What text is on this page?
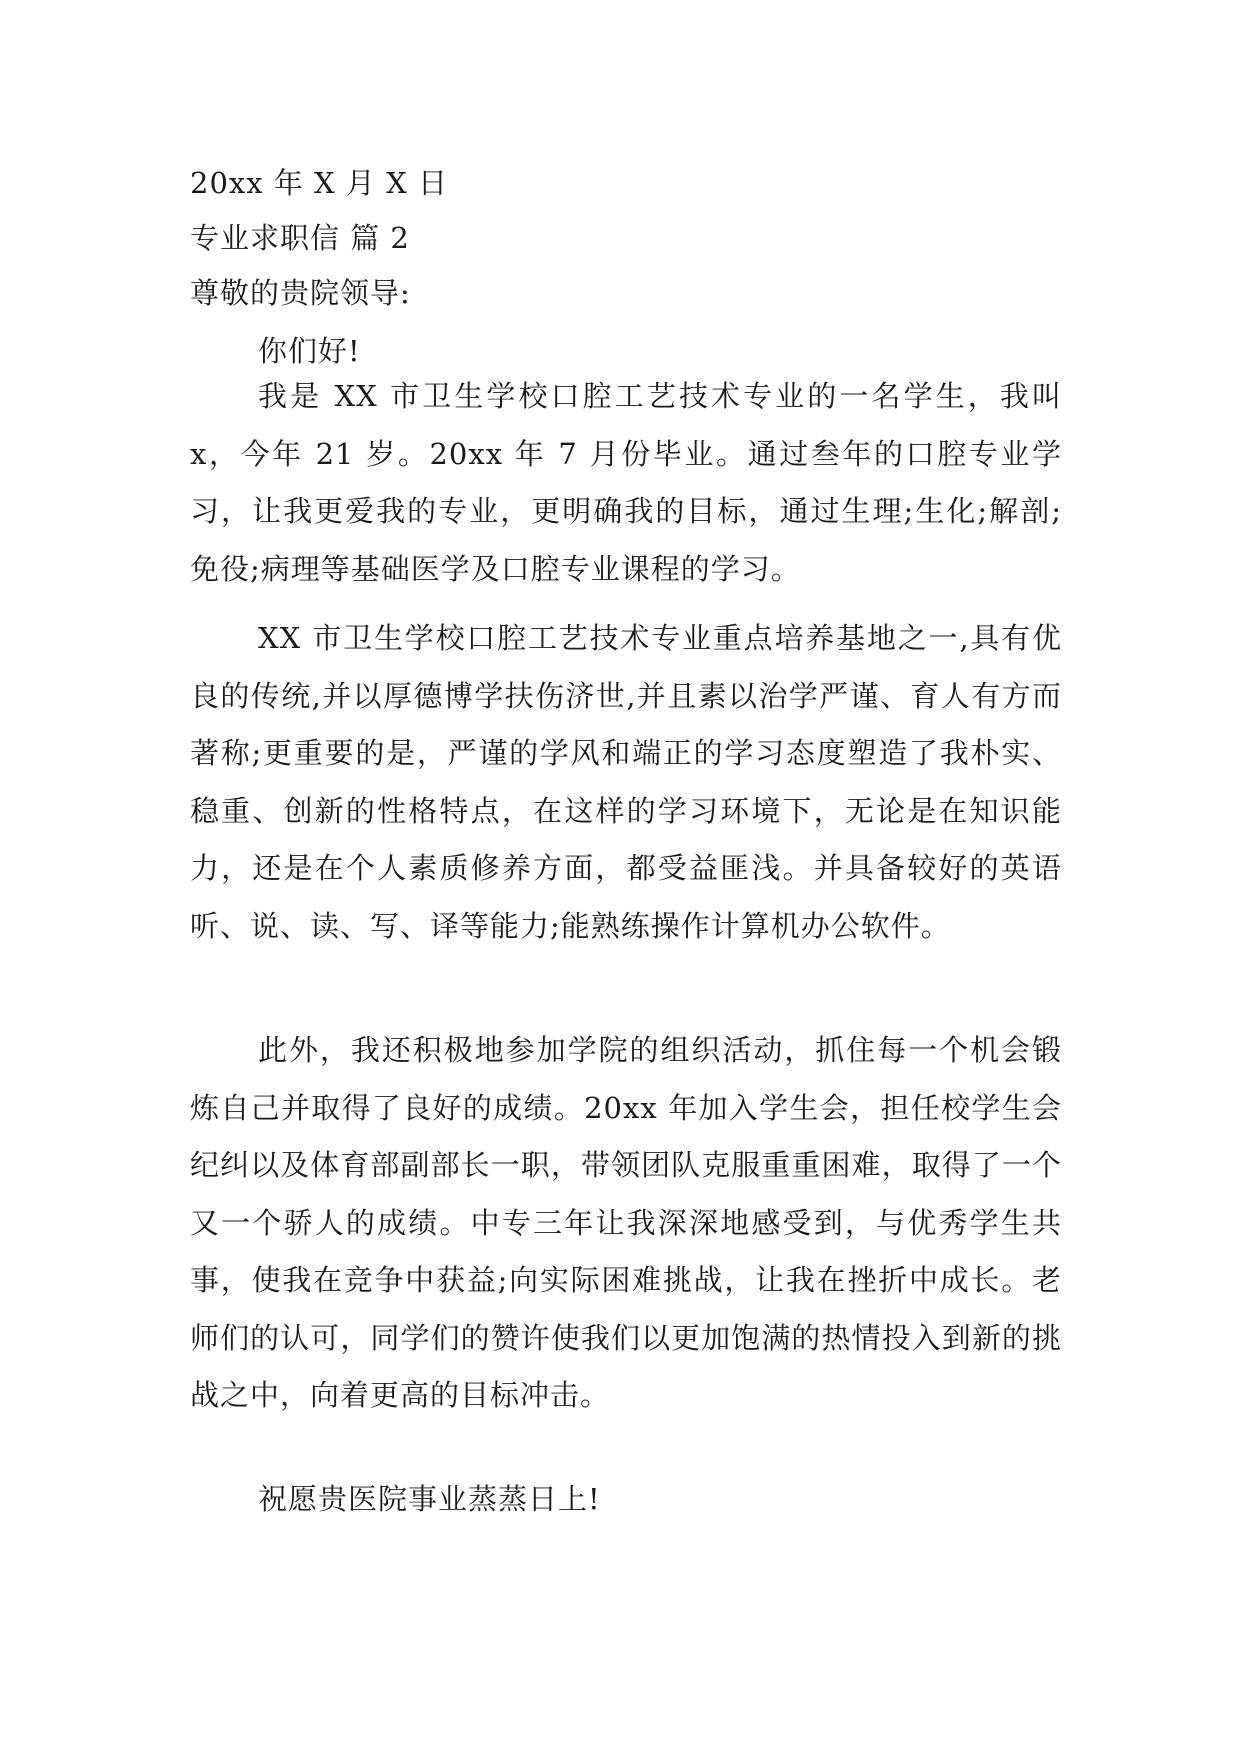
20xx 年 X 月 X 日
专业求职信 篇 2
尊敬的贵院领导:
你们好!

我是 XX 市卫生学校口腔工艺技术专业的一名学生，我叫 x，今年 21 岁。20xx 年 7 月份毕业。通过叁年的口腔专业学习，让我更爱我的专业，更明确我的目标，通过生理;生化;解剖;免役;病理等基础医学及口腔专业课程的学习。

XX 市卫生学校口腔工艺技术专业重点培养基地之一,具有优良的传统,并以厚德博学扶伤济世,并且素以治学严谨、育人有方而著称;更重要的是，严谨的学风和端正的学习态度塑造了我朴实、稳重、创新的性格特点，在这样的学习环境下，无论是在知识能力，还是在个人素质修养方面，都受益匪浅。并具备较好的英语听、说、读、写、译等能力;能熟练操作计算机办公软件。

此外，我还积极地参加学院的组织活动，抓住每一个机会锻炼自己并取得了良好的成绩。20xx 年加入学生会，担任校学生会纪纠以及体育部副部长一职，带领团队克服重重困难，取得了一个又一个骄人的成绩。中专三年让我深深地感受到，与优秀学生共事，使我在竞争中获益;向实际困难挑战，让我在挫折中成长。老师们的认可，同学们的赞许使我们以更加饱满的热情投入到新的挑战之中，向着更高的目标冲击。

祝愿贵医院事业蒸蒸日上!
